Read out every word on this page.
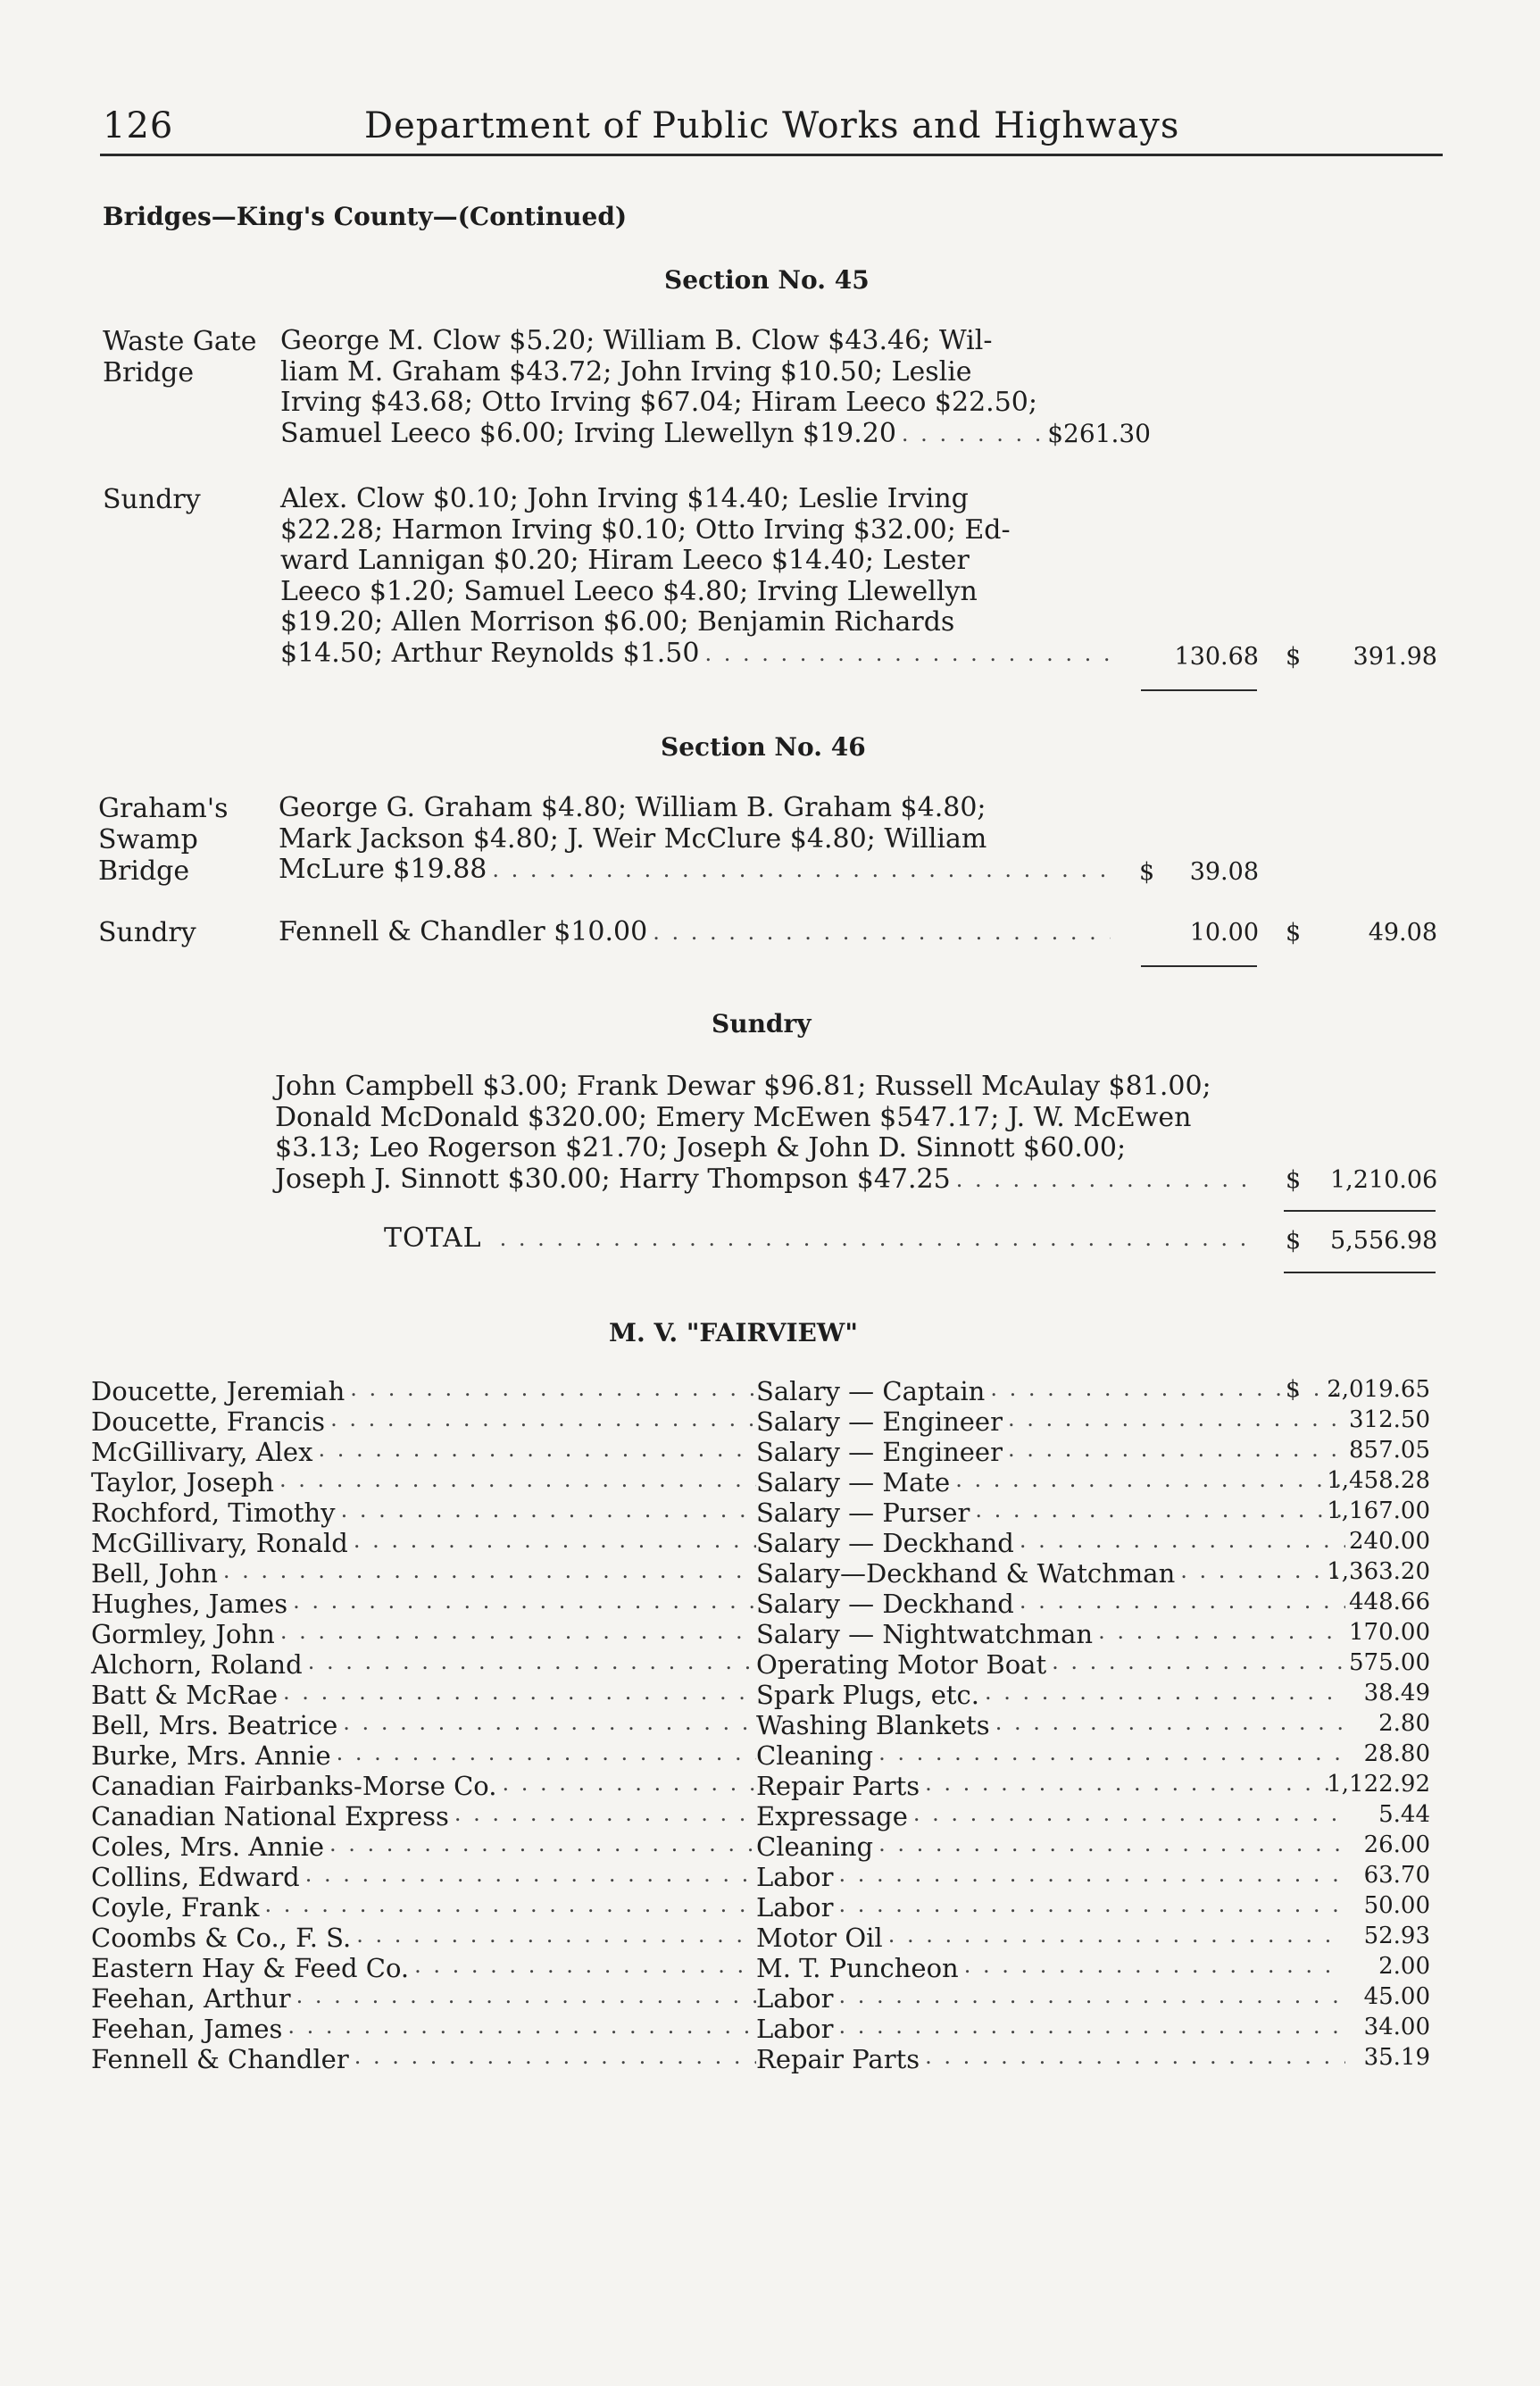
126	Department of Public Works and Highways
Bridges—King's County—(Continued)
Section No. 45
Waste Gate
Bridge
George M. Clow $5.20; William B. Clow $43.46; Wil-
liam M. Graham $43.72; John Irving $10.50; Leslie
Irving $43.68; Otto Irving $67.04; Hiram Leeco $22.50;
Samuel Leeco $6.00; Irving Llewellyn $19.20 . . .	$261.30
Sundry	Alex. Clow $0.10; John Irving $14.40; Leslie Irving
$22.28; Harmon Irving $0.10; Otto Irving $32.00; Ed-
ward Lannigan $0.20; Hiram Leeco $14.40; Lester
Leeco $1.20; Samuel Leeco $4.80; Irving Llewellyn
$19.20; Allen Morrison $6.00; Benjamin Richards
$14.50; Arthur Reynolds $1.50 . . .	130.68 $	391.98
Section No. 46
Graham's
Swamp
Bridge
George G. Graham $4.80; William B. Graham $4.80;
Mark Jackson $4.80; J. Weir McClure $4.80; William
McLure $19.88 . . .	$	39.08
Sundry	Fennell & Chandler $10.00 . . .	10.00 $	49.08
Sundry
John Campbell $3.00; Frank Dewar $96.81; Russell McAulay $81.00;
Donald McDonald $320.00; Emery McEwen $547.17; J. W. McEwen
$3.13; Leo Rogerson $21.70; Joseph & John D. Sinnott $60.00;
Joseph J. Sinnott $30.00; Harry Thompson $47.25 . . .	$ 1,210.06
TOTAL . . .	$ 5,556.98
M. V. "FAIRVIEW"
Doucette, Jeremiah . . .	Salary — Captain . . .	$ 2,019.65
Doucette, Francis . . .	Salary — Engineer . . .	312.50
McGillivary, Alex . . .	Salary — Engineer . . .	857.05
Taylor, Joseph . . .	Salary — Mate . . .	1,458.28
Rochford, Timothy . . .	Salary — Purser . . .	1,167.00
McGillivary, Ronald . . .	Salary — Deckhand . . .	240.00
Bell, John . . .	Salary—Deckhand & Watchman . . .	1,363.20
Hughes, James . . .	Salary — Deckhand . . .	448.66
Gormley, John . . .	Salary — Nightwatchman . . .	170.00
Alchorn, Roland . . .	Operating Motor Boat . . .	575.00
Batt & McRae . . .	Spark Plugs, etc. . . .	38.49
Bell, Mrs. Beatrice . . .	Washing Blankets . . .	2.80
Burke, Mrs. Annie . . .	Cleaning . . .	28.80
Canadian Fairbanks-Morse Co. . . .	Repair Parts . . .	1,122.92
Canadian National Express . . .	Expressage . . .	5.44
Coles, Mrs. Annie . . .	Cleaning . . .	26.00
Collins, Edward . . .	Labor . . .	63.70
Coyle, Frank . . .	Labor . . .	50.00
Coombs & Co., F. S. . . .	Motor Oil . . .	52.93
Eastern Hay & Feed Co. . . .	M. T. Puncheon . . .	2.00
Feehan, Arthur . . .	Labor . . .	45.00
Feehan, James . . .	Labor . . .	34.00
Fennell & Chandler . . .	Repair Parts . . .	35.19
